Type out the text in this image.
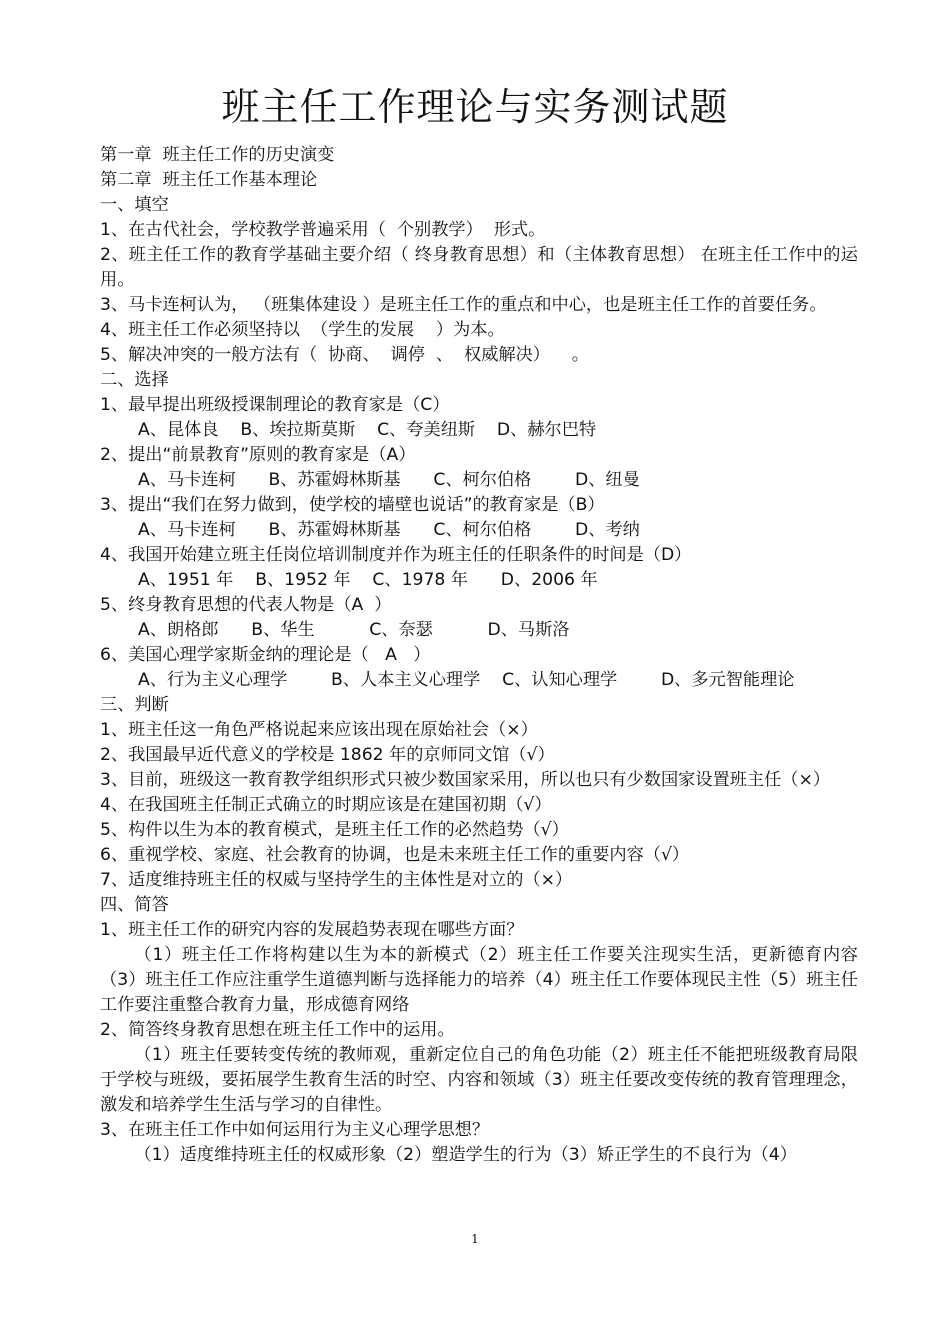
班主任工作理论与实务测试题
第一章  班主任工作的历史演变
第二章  班主任工作基本理论
一、填空
1、在古代社会，学校教学普遍采用（  个别教学）  形式。

2、班主任工作的教育学基础主要介绍（ 终身教育思想）和（主体教育思想） 在班主任工作中的运用。

3、马卡连柯认为， （班集体建设 ）是班主任工作的重点和中心，也是班主任工作的首要任务。

4、班主任工作必须坚持以  （学生的发展    ）为本。
5、解决冲突的一般方法有（  协商、  调停  、  权威解决）    。
二、选择
1、最早提出班级授课制理论的教育家是（C）
A、昆体良    B、埃拉斯莫斯    C、夸美纽斯    D、赫尔巴特
2、提出“前景教育”原则的教育家是（A）
A、马卡连柯      B、苏霍姆林斯基      C、柯尔伯格        D、纽曼
3、提出“我们在努力做到，使学校的墙壁也说话”的教育家是（B）
A、马卡连柯      B、苏霍姆林斯基      C、柯尔伯格        D、考纳
4、我国开始建立班主任岗位培训制度并作为班主任的任职条件的时间是（D）
A、1951 年    B、1952 年    C、1978 年      D、2006 年
5、终身教育思想的代表人物是（A  ）
A、朗格郎      B、华生          C、奈瑟          D、马斯洛
6、美国心理学家斯金纳的理论是（   A   ）
A、行为主义心理学        B、人本主义心理学    C、认知心理学        D、多元智能理论
三、判断
1、班主任这一角色严格说起来应该出现在原始社会（×）
2、我国最早近代意义的学校是 1862 年的京师同文馆（√）

3、目前，班级这一教育教学组织形式只被少数国家采用，所以也只有少数国家设置班主任（×）

4、在我国班主任制正式确立的时期应该是在建国初期（√）
5、构件以生为本的教育模式，是班主任工作的必然趋势（√）
6、重视学校、家庭、社会教育的协调，也是未来班主任工作的重要内容（√）
7、适度维持班主任的权威与坚持学生的主体性是对立的（×）
四、简答
1、班主任工作的研究内容的发展趋势表现在哪些方面？

（1）班主任工作将构建以生为本的新模式（2）班主任工作要关注现实生活，更新德育内容（3）班主任工作应注重学生道德判断与选择能力的培养（4）班主任工作要体现民主性（5）班主任工作要注重整合教育力量，形成德育网络

2、简答终身教育思想在班主任工作中的运用。

（1）班主任要转变传统的教师观，重新定位自己的角色功能（2）班主任不能把班级教育局限于学校与班级，要拓展学生教育生活的时空、内容和领域（3）班主任要改变传统的教育管理理念，激发和培养学生生活与学习的自律性。

3、在班主任工作中如何运用行为主义心理学思想？

（1）适度维持班主任的权威形象（2）塑造学生的行为（3）矫正学生的不良行为（4）

1
